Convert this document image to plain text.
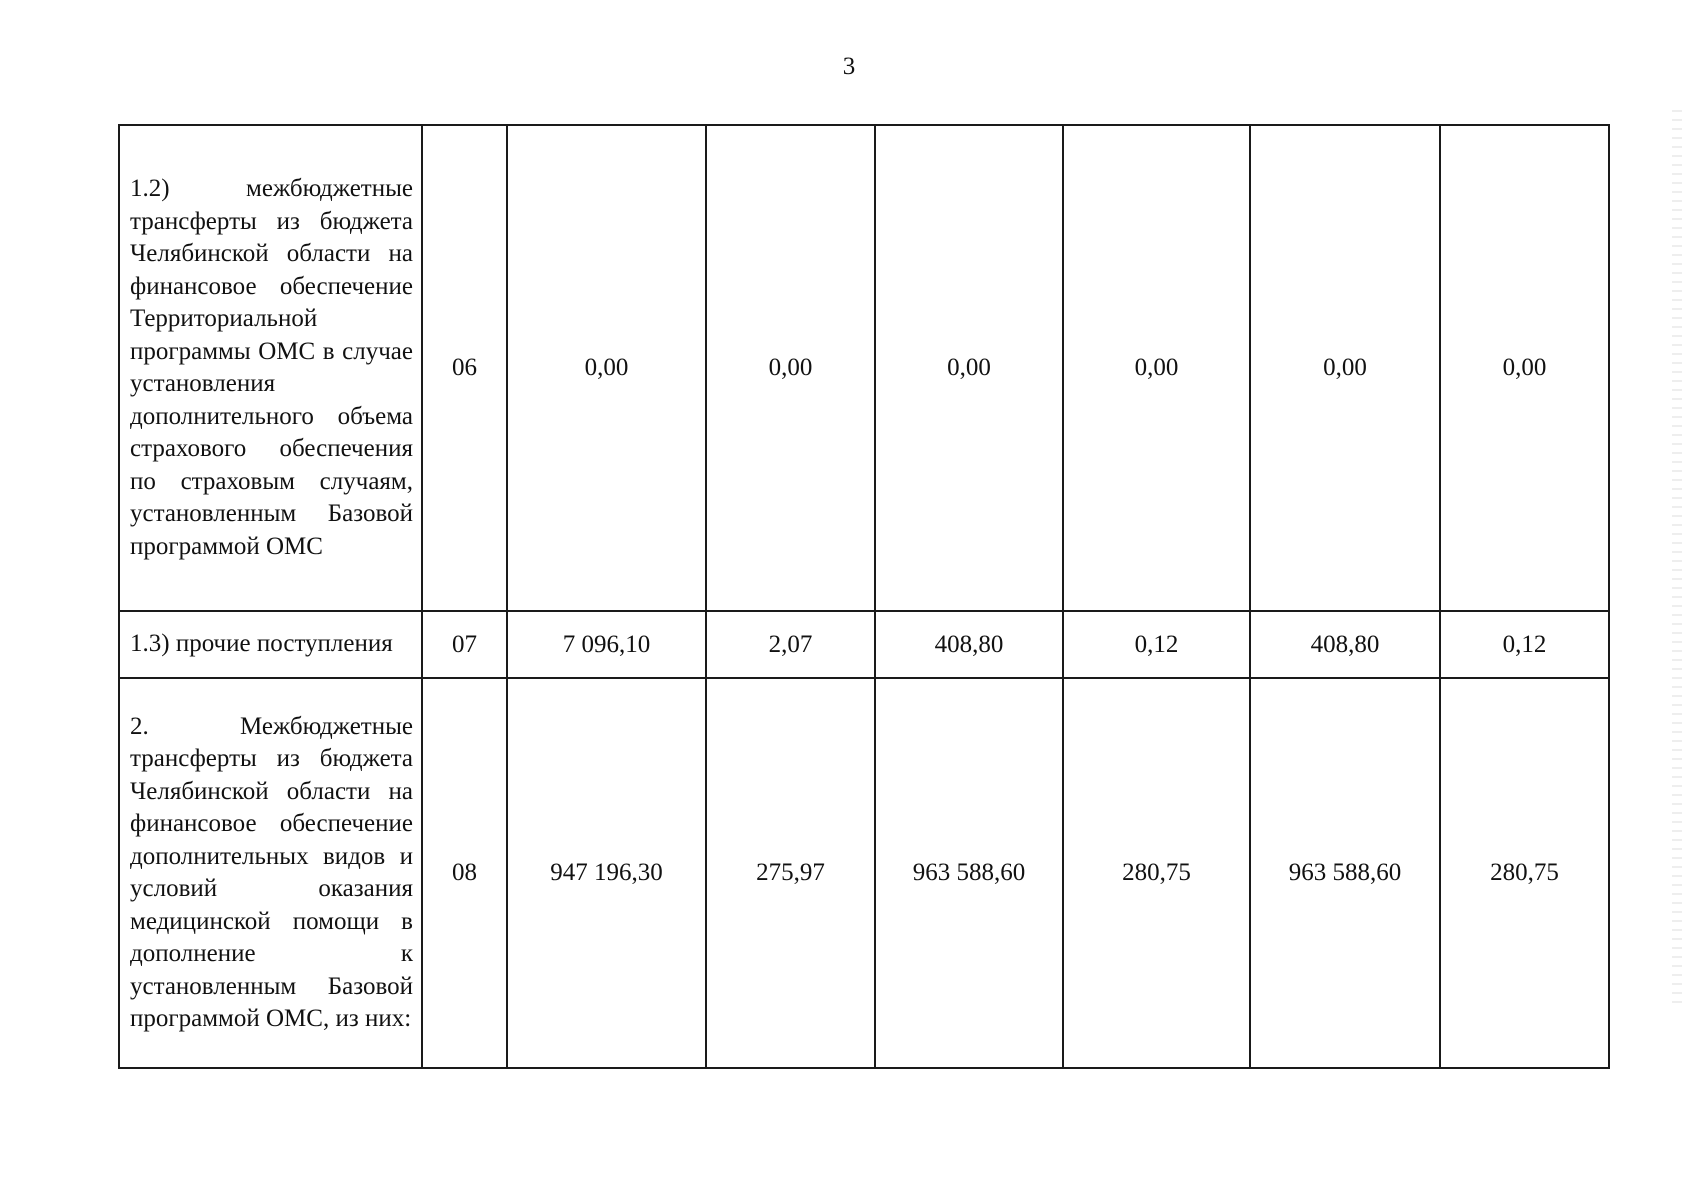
3
1.2) межбюджетные трансферты из бюджета Челябинской области на финансовое обеспечение Территориальной программы ОМС в случае установления дополнительного объема страхового обеспечения по страховым случаям, установленным Базовой программой ОМС	06	0,00	0,00	0,00	0,00	0,00	0,00
1.3) прочие поступления	07	7 096,10	2,07	408,80	0,12	408,80	0,12
2. Межбюджетные трансферты из бюджета Челябинской области на финансовое обеспечение дополнительных видов и условий оказания медицинской помощи в дополнение к установленным Базовой программой ОМС, из них:	08	947 196,30	275,97	963 588,60	280,75	963 588,60	280,75
